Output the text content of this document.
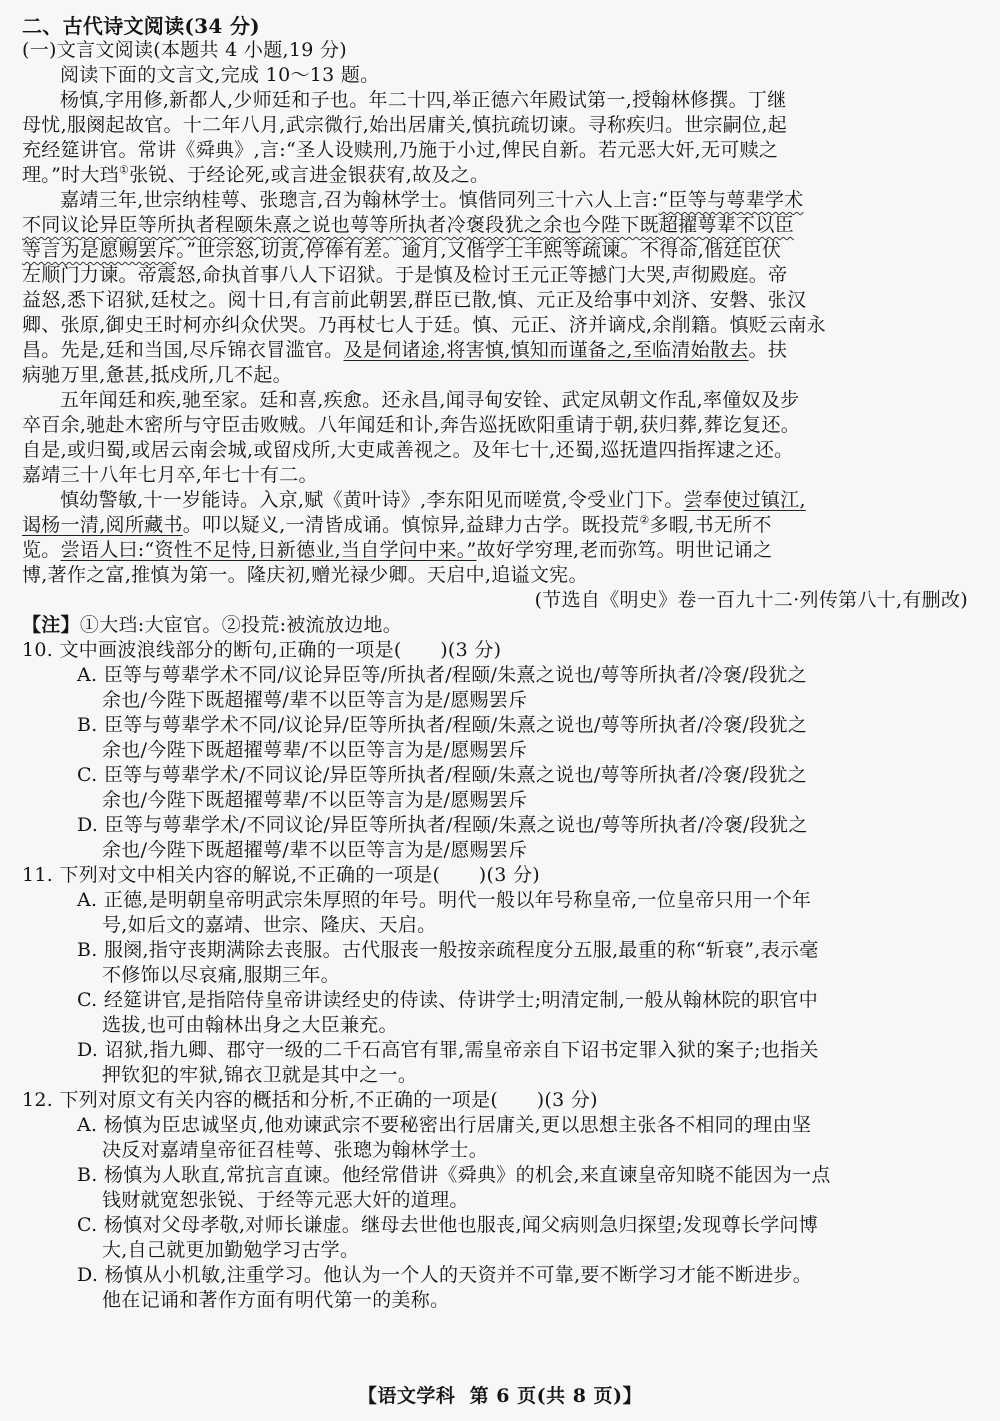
二、古代诗文阅读(34 分)
(一)文言文阅读(本题共 4 小题,19 分)
阅读下面的文言文,完成 10～13 题。
杨慎,字用修,新都人,少师廷和子也。年二十四,举正德六年殿试第一,授翰林修撰。丁继
母忧,服阕起故官。十二年八月,武宗微行,始出居庸关,慎抗疏切谏。寻称疾归。世宗嗣位,起
充经筵讲官。常讲《舜典》,言:“圣人设赎刑,乃施于小过,俾民自新。若元恶大奸,无可赎之
理。”时大珰①张锐、于经论死,或言进金银获宥,故及之。
嘉靖三年,世宗纳桂萼、张璁言,召为翰林学士。慎偕同列三十六人上言:“臣等与萼辈学术
不同议论异臣等所执者程颐朱熹之说也萼等所执者冷褒段犹之余也今陛下既超擢萼辈不以臣
等言为是愿赐罢斥。”世宗怒,切责,停俸有差。逾月,又偕学士丰熙等疏谏。不得命,偕廷臣伏
左顺门力谏。帝震怒,命执首事八人下诏狱。于是慎及检讨王元正等撼门大哭,声彻殿庭。帝
益怒,悉下诏狱,廷杖之。阅十日,有言前此朝罢,群臣已散,慎、元正及给事中刘济、安磐、张汉
卿、张原,御史王时柯亦纠众伏哭。乃再杖七人于廷。慎、元正、济并谪戍,余削籍。慎贬云南永
昌。先是,廷和当国,尽斥锦衣冒滥官。及是伺诸途,将害慎,慎知而谨备之,至临清始散去。扶
病驰万里,惫甚,抵戍所,几不起。
五年闻廷和疾,驰至家。廷和喜,疾愈。还永昌,闻寻甸安铨、武定凤朝文作乱,率僮奴及步
卒百余,驰赴木密所与守臣击败贼。八年闻廷和讣,奔告巡抚欧阳重请于朝,获归葬,葬讫复还。
自是,或归蜀,或居云南会城,或留戍所,大吏咸善视之。及年七十,还蜀,巡抚遣四指挥逮之还。
嘉靖三十八年七月卒,年七十有二。
慎幼警敏,十一岁能诗。入京,赋《黄叶诗》,李东阳见而嗟赏,令受业门下。尝奉使过镇江,
谒杨一清,阅所藏书。叩以疑义,一清皆成诵。慎惊异,益肆力古学。既投荒②多暇,书无所不
览。尝语人曰:“资性不足恃,日新德业,当自学问中来。”故好学穷理,老而弥笃。明世记诵之
博,著作之富,推慎为第一。隆庆初,赠光禄少卿。天启中,追谥文宪。
(节选自《明史》卷一百九十二·列传第八十,有删改)
【注】①大珰:大宦官。②投荒:被流放边地。
10. 文中画波浪线部分的断句,正确的一项是(　　)(3 分)
A. 臣等与萼辈学术不同/议论异臣等/所执者/程颐/朱熹之说也/萼等所执者/冷褒/段犹之
余也/今陛下既超擢萼/辈不以臣等言为是/愿赐罢斥
B. 臣等与萼辈学术不同/议论异/臣等所执者/程颐/朱熹之说也/萼等所执者/冷褒/段犹之
余也/今陛下既超擢萼辈/不以臣等言为是/愿赐罢斥
C. 臣等与萼辈学术/不同议论/异臣等所执者/程颐/朱熹之说也/萼等所执者/冷褒/段犹之
余也/今陛下既超擢萼辈/不以臣等言为是/愿赐罢斥
D. 臣等与萼辈学术/不同议论/异臣等所执者/程颐/朱熹之说也/萼等所执者/冷褒/段犹之
余也/今陛下既超擢萼/辈不以臣等言为是/愿赐罢斥
11. 下列对文中相关内容的解说,不正确的一项是(　　)(3 分)
A. 正德,是明朝皇帝明武宗朱厚照的年号。明代一般以年号称皇帝,一位皇帝只用一个年
号,如后文的嘉靖、世宗、隆庆、天启。
B. 服阕,指守丧期满除去丧服。古代服丧一般按亲疏程度分五服,最重的称“斩衰”,表示毫
不修饰以尽哀痛,服期三年。
C. 经筵讲官,是指陪侍皇帝讲读经史的侍读、侍讲学士;明清定制,一般从翰林院的职官中
选拔,也可由翰林出身之大臣兼充。
D. 诏狱,指九卿、郡守一级的二千石高官有罪,需皇帝亲自下诏书定罪入狱的案子;也指关
押钦犯的牢狱,锦衣卫就是其中之一。
12. 下列对原文有关内容的概括和分析,不正确的一项是(　　)(3 分)
A. 杨慎为臣忠诚坚贞,他劝谏武宗不要秘密出行居庸关,更以思想主张各不相同的理由坚
决反对嘉靖皇帝征召桂萼、张璁为翰林学士。
B. 杨慎为人耿直,常抗言直谏。他经常借讲《舜典》的机会,来直谏皇帝知晓不能因为一点
钱财就宽恕张锐、于经等元恶大奸的道理。
C. 杨慎对父母孝敬,对师长谦虚。继母去世他也服丧,闻父病则急归探望;发现尊长学问博
大,自己就更加勤勉学习古学。
D. 杨慎从小机敏,注重学习。他认为一个人的天资并不可靠,要不断学习才能不断进步。
他在记诵和著作方面有明代第一的美称。
【语文学科 第 6 页(共 8 页)】
